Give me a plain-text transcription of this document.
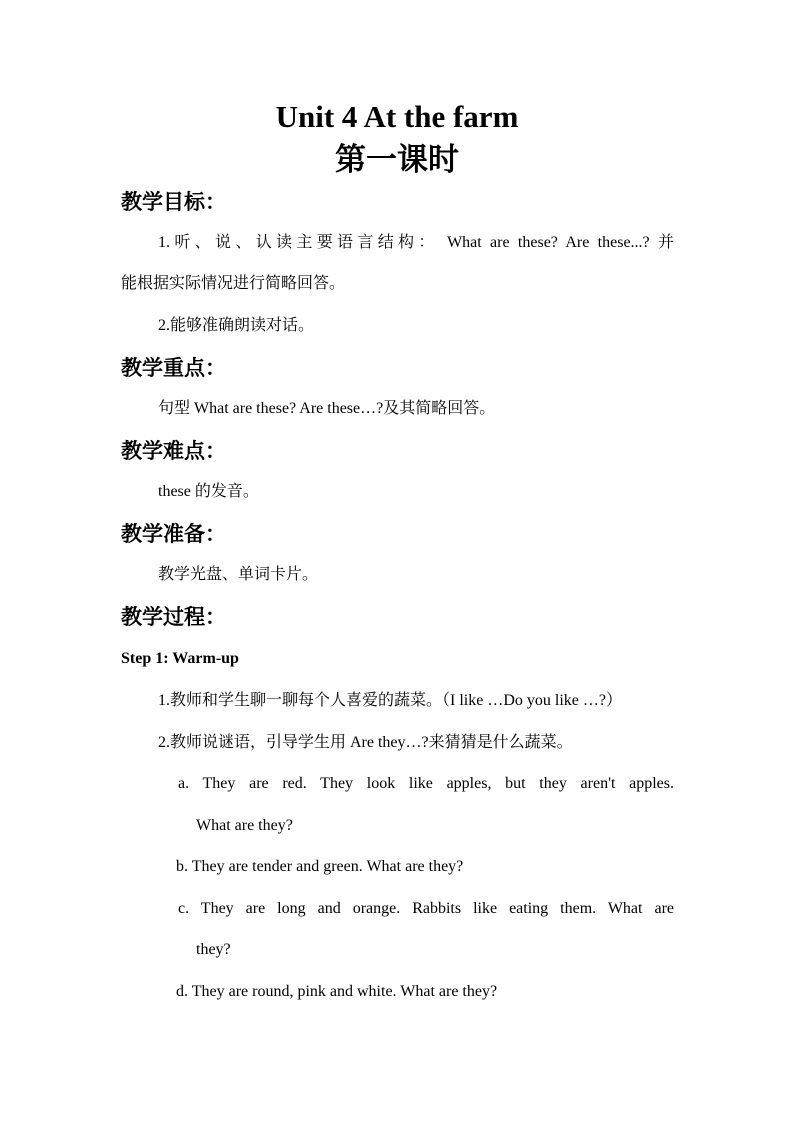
Unit 4 At the farm
第一课时
教学目标：
1.听、说、认读主要语言结构： What are these? Are these...? 并
能根据实际情况进行简略回答。
2.能够准确朗读对话。
教学重点：
句型 What are these? Are these…?及其简略回答。
教学难点：
these 的发音。
教学准备：
教学光盘、单词卡片。
教学过程：
Step 1: Warm-up
1.教师和学生聊一聊每个人喜爱的蔬菜。（I like …Do you like …?）
2.教师说谜语，引导学生用 Are they…?来猜猜是什么蔬菜。
a. They are red. They look like apples, but they aren't apples.
What are they?
b. They are tender and green. What are they?
c. They are long and orange. Rabbits like eating them. What are
they?
d. They are round, pink and white. What are they?
